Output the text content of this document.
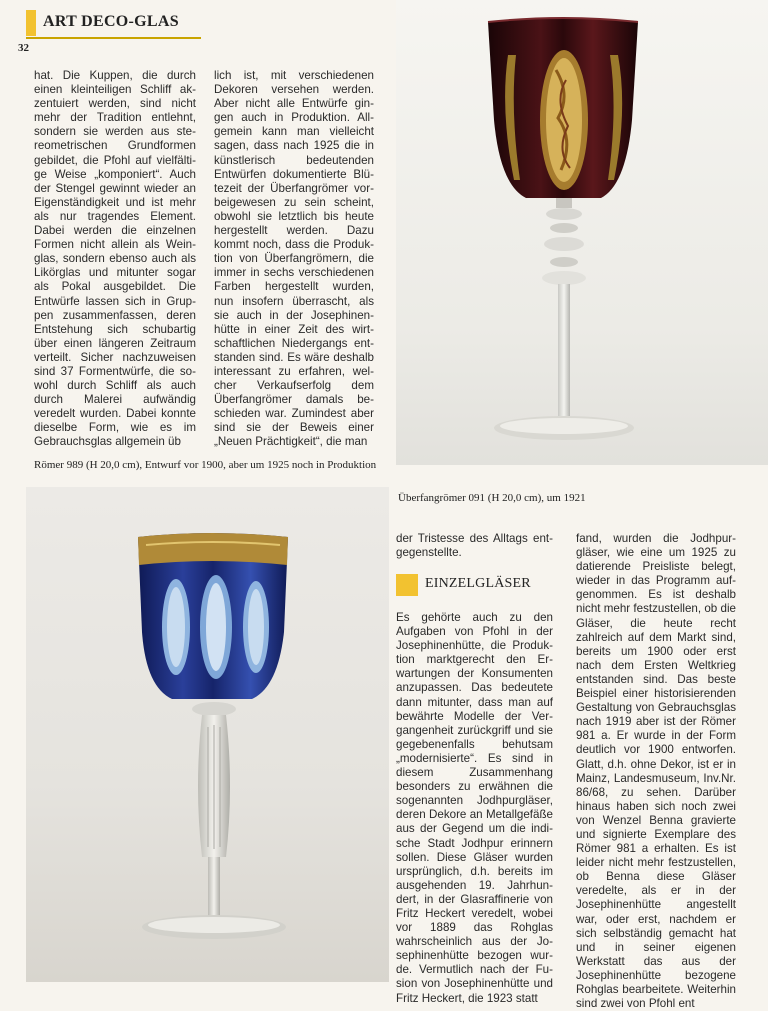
ART DECO-GLAS
32

hat. Die Kuppen, die durch einen kleinteiligen Schliff akzentuiert werden, sind nicht mehr der Tradition entlehnt, sondern sie werden aus stereometrischen Grundformen gebildet, die Pfohl auf vielfältige Weise „komponiert“. Auch der Stengel gewinnt wieder an Eigenständigkeit und ist mehr als nur tragendes Element. Dabei werden die einzelnen Formen nicht allein als Weinglas, sondern ebenso auch als Likörglas und mitunter sogar als Pokal ausgebildet. Die Entwürfe lassen sich in Gruppen zusammenfassen, deren Entstehung sich schubartig über einen längeren Zeitraum verteilt. Sicher nachzuweisen sind 37 Formentwürfe, die sowohl durch Schliff als auch durch Malerei aufwändig veredelt wurden. Dabei konnte dieselbe Form, wie es im Gebrauchsglas allgemein üb

lich ist, mit verschiedenen Dekoren versehen werden. Aber nicht alle Entwürfe gingen auch in Produktion. Allgemein kann man vielleicht sagen, dass nach 1925 die in künstlerisch bedeutenden Entwürfen dokumentierte Blütezeit der Überfangrömer vorbeigewesen zu sein scheint, obwohl sie letztlich bis heute hergestellt werden. Dazu kommt noch, dass die Produktion von Überfangrömern, die immer in sechs verschiedenen Farben hergestellt wurden, nun insofern überrascht, als sie auch in der Josephinenhütte in einer Zeit des wirtschaftlichen Niedergangs entstanden sind. Es wäre deshalb interessant zu erfahren, welcher Verkaufserfolg dem Überfangrömer damals beschieden war. Zumindest aber sind sie der Beweis einer „Neuen Prächtigkeit“, die man

Römer 989 (H 20,0 cm), Entwurf vor 1900, aber um 1925 noch in Produktion
Überfangrömer 091 (H 20,0 cm), um 1921

der Tristesse des Alltags entgegenstellte.

EINZELGLÄSER

Es gehörte auch zu den Aufgaben von Pfohl in der Josephinenhütte, die Produktion marktgerecht den Erwartungen der Konsumenten anzupassen. Das bedeutete dann mitunter, dass man auf bewährte Modelle der Vergangenheit zurückgriff und sie gegebenenfalls behutsam „modernisierte“. Es sind in diesem Zusammenhang besonders zu erwähnen die sogenannten Jodhpurgläser, deren Dekore an Metallgefäße aus der Gegend um die indische Stadt Jodhpur erinnern sollen. Diese Gläser wurden ursprünglich, d.h. bereits im ausgehenden 19. Jahrhundert, in der Glasraffinerie von Fritz Heckert veredelt, wobei vor 1889 das Rohglas wahrscheinlich aus der Josephinenhütte bezogen wurde. Vermutlich nach der Fusion von Josephinenhütte und Fritz Heckert, die 1923 statt

fand, wurden die Jodhpurgläser, wie eine um 1925 zu datierende Preisliste belegt, wieder in das Programm aufgenommen. Es ist deshalb nicht mehr festzustellen, ob die Gläser, die heute recht zahlreich auf dem Markt sind, bereits um 1900 oder erst nach dem Ersten Weltkrieg entstanden sind. Das beste Beispiel einer historisierenden Gestaltung von Gebrauchsglas nach 1919 aber ist der Römer 981 a. Er wurde in der Form deutlich vor 1900 entworfen. Glatt, d.h. ohne Dekor, ist er in Mainz, Landesmuseum, Inv.Nr. 86/68, zu sehen. Darüber hinaus haben sich noch zwei von Wenzel Benna gravierte und signierte Exemplare des Römer 981 a erhalten. Es ist leider nicht mehr festzustellen, ob Benna diese Gläser veredelte, als er in der Josephinenhütte angestellt war, oder erst, nachdem er sich selbständig gemacht hat und in seiner eigenen Werkstatt das aus der Josephinenhütte bezogene Rohglas bearbeitete. Weiterhin sind zwei von Pfohl ent
